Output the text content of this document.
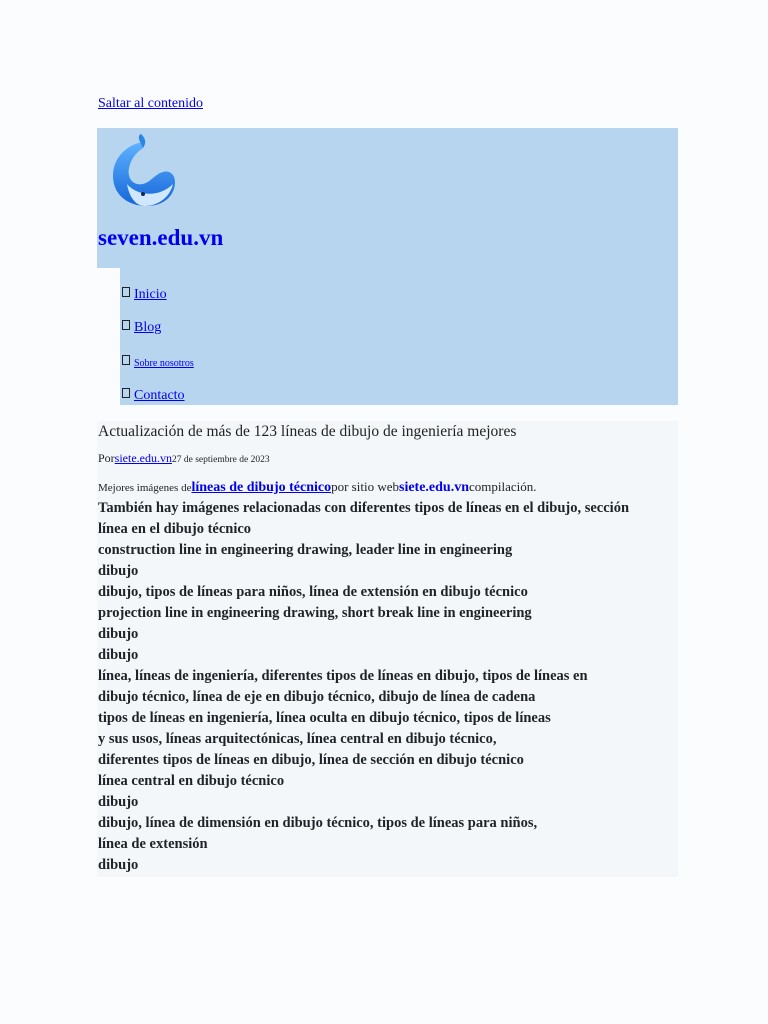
Saltar al contenido
seven.edu.vn
Inicio
Blog
Sobre nosotros
Contacto
Actualización de más de 123 líneas de dibujo de ingeniería mejores
Porsiete.edu.vn27 de septiembre de 2023
Mejores imágenes delíneas de dibujo técnicopor sitio websiete.edu.vncompilación.
También hay imágenes relacionadas con diferentes tipos de líneas en el dibujo, sección
línea en el dibujo técnico
construction line in engineering drawing, leader line in engineering
dibujo
dibujo, tipos de líneas para niños, línea de extensión en dibujo técnico
projection line in engineering drawing, short break line in engineering
dibujo
dibujo
línea, líneas de ingeniería, diferentes tipos de líneas en dibujo, tipos de líneas en
dibujo técnico, línea de eje en dibujo técnico, dibujo de línea de cadena
tipos de líneas en ingeniería, línea oculta en dibujo técnico, tipos de líneas
y sus usos, líneas arquitectónicas, línea central en dibujo técnico,
diferentes tipos de líneas en dibujo, línea de sección en dibujo técnico
línea central en dibujo técnico
dibujo
dibujo, línea de dimensión en dibujo técnico, tipos de líneas para niños,
línea de extensión
dibujo
